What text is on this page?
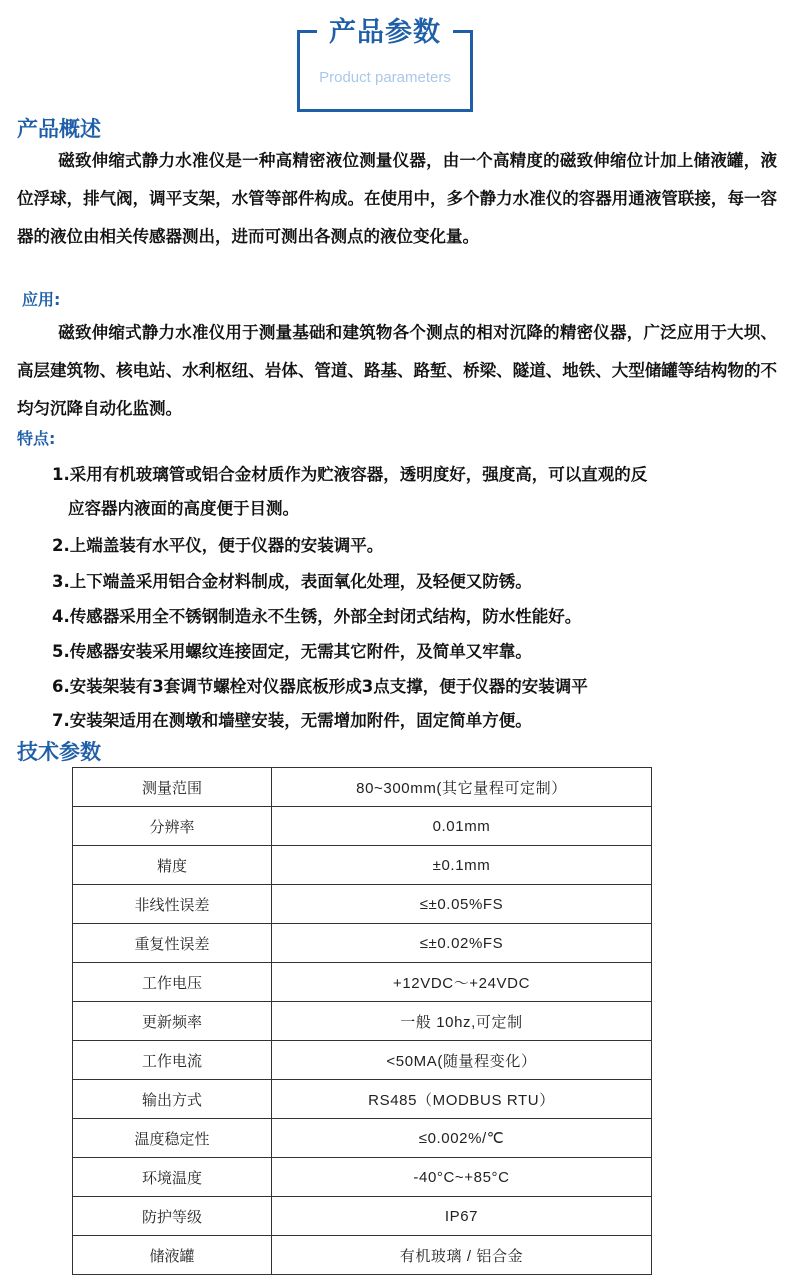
产品参数
Product parameters
产品概述
磁致伸缩式静力水准仪是一种高精密液位测量仪器，由一个高精度的磁致伸缩位计加上储液罐，液位浮球，排气阀，调平支架，水管等部件构成。在使用中，多个静力水准仪的容器用通液管联接，每一容器的液位由相关传感器测出，进而可测出各测点的液位变化量。
应用:
磁致伸缩式静力水准仪用于测量基础和建筑物各个测点的相对沉降的精密仪器，广泛应用于大坝、高层建筑物、核电站、水利枢纽、岩体、管道、路基、路堑、桥梁、隧道、地铁、大型储罐等结构物的不均匀沉降自动化监测。
特点:
1.采用有机玻璃管或铝合金材质作为贮液容器，透明度好，强度高，可以直观的反
应容器内液面的高度便于目测。
2.上端盖装有水平仪，便于仪器的安装调平。
3.上下端盖采用铝合金材料制成，表面氧化处理，及轻便又防锈。
4.传感器采用全不锈钢制造永不生锈，外部全封闭式结构，防水性能好。
5.传感器安装采用螺纹连接固定，无需其它附件，及简单又牢靠。
6.安装架装有3套调节螺栓对仪器底板形成3点支撑，便于仪器的安装调平
7.安装架适用在测墩和墙壁安装，无需增加附件，固定简单方便。
技术参数
测量范围	80~300mm(其它量程可定制）
分辨率	0.01mm
精度	±0.1mm
非线性误差	≤±0.05%FS
重复性误差	≤±0.02%FS
工作电压	+12VDC～+24VDC
更新频率	一般 10hz,可定制
工作电流	<50MA(随量程变化）
输出方式	RS485（MODBUS RTU）
温度稳定性	≤0.002%/℃
环境温度	-40°C~+85°C
防护等级	IP67
储液罐	有机玻璃 / 铝合金
